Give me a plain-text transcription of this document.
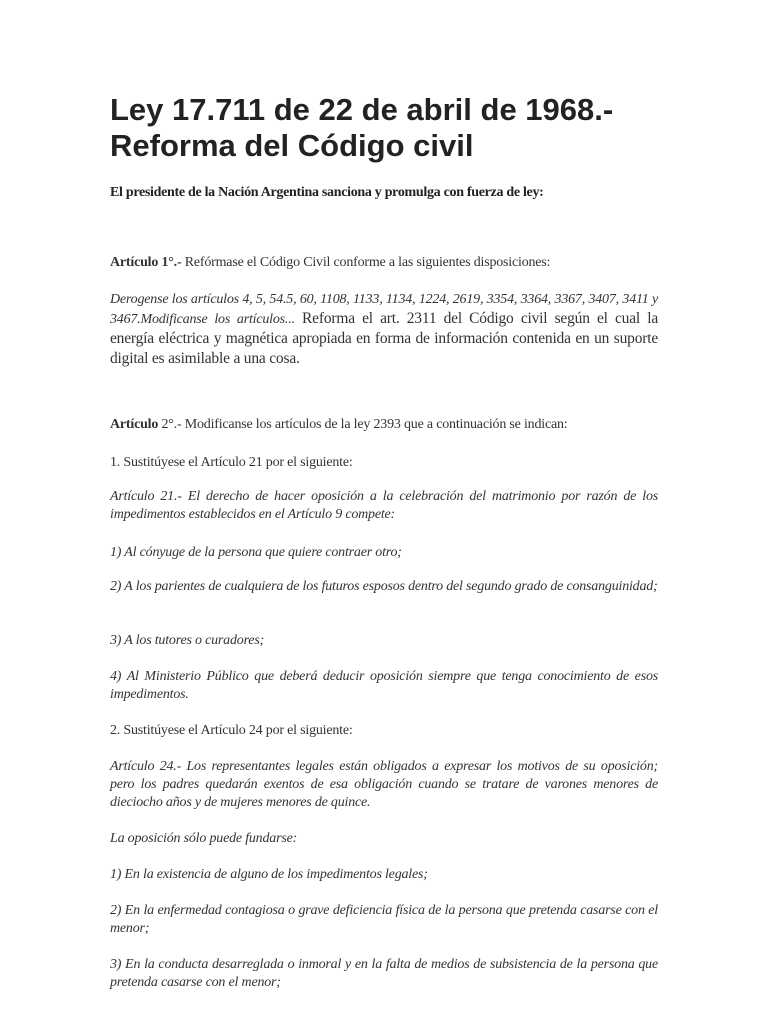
Ley 17.711 de 22 de abril de 1968.-
Reforma del Código civil

El presidente de la Nación Argentina sanciona y promulga con fuerza de ley:

Artículo 1°.- Refórmase el Código Civil conforme a las siguientes disposiciones:

Derogense los artículos 4, 5, 54.5, 60, 1108, 1133, 1134, 1224, 2619, 3354, 3364, 3367, 3407, 3411 y 3467.Modificanse los artículos... Reforma el art. 2311 del Código civil según el cual la energía eléctrica y magnética apropiada en forma de información contenida en un suporte digital es asimilable a una cosa.

Artículo 2°.- Modificanse los artículos de la ley 2393 que a continuación se indican:

1. Sustitúyese el Artículo 21 por el siguiente:

Artículo 21.- El derecho de hacer oposición a la celebración del matrimonio por razón de los impedimentos establecidos en el Artículo 9 compete:

1) Al cónyuge de la persona que quiere contraer otro;

2) A los parientes de cualquiera de los futuros esposos dentro del segundo grado de consanguinidad;

3) A los tutores o curadores;

4) Al Ministerio Público que deberá deducir oposición siempre que tenga conocimiento de esos impedimentos.

2. Sustitúyese el Artículo 24 por el siguiente:

Artículo 24.- Los representantes legales están obligados a expresar los motivos de su oposición; pero los padres quedarán exentos de esa obligación cuando se tratare de varones menores de dieciocho años y de mujeres menores de quince.

La oposición sólo puede fundarse:

1) En la existencia de alguno de los impedimentos legales;

2) En la enfermedad contagiosa o grave deficiencia física de la persona que pretenda casarse con el menor;

3) En la conducta desarreglada o inmoral y en la falta de medios de subsistencia de la persona que pretenda casarse con el menor;
